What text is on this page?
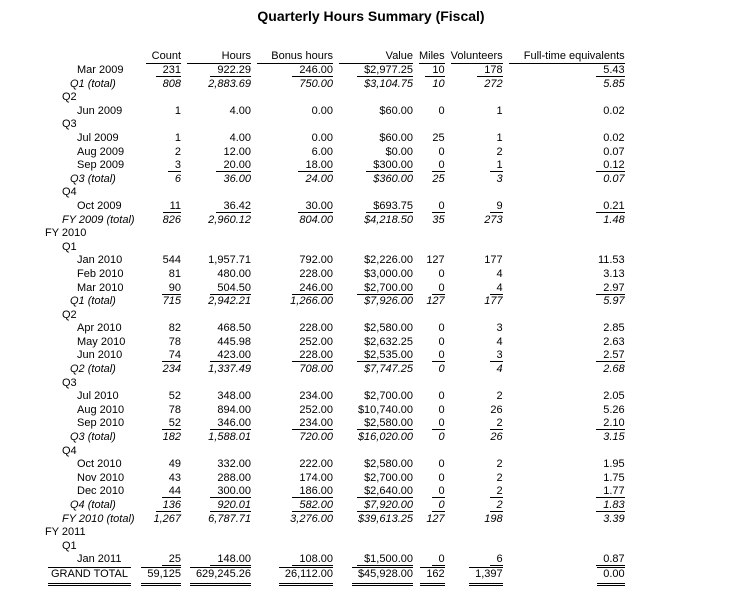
Quarterly Hours Summary (Fiscal)

	Count	Hours	Bonus hours	Value	Miles	Volunteers	Full-time equivalents

Mar 2009	231	922.29	246.00	$2,977.25	10	178	5.43
Q1 (total)	808	2,883.69	750.00	$3,104.75	10	272	5.85
Q2							
Jun 2009	1	4.00	0.00	$60.00	0	1	0.02
Q3							
Jul 2009	1	4.00	0.00	$60.00	25	1	0.02
Aug 2009	2	12.00	6.00	$0.00	0	2	0.07
Sep 2009	3	20.00	18.00	$300.00	0	1	0.12
Q3 (total)	6	36.00	24.00	$360.00	25	3	0.07
Q4							
Oct 2009	11	36.42	30.00	$693.75	0	9	0.21
FY 2009 (total)	826	2,960.12	804.00	$4,218.50	35	273	1.48
FY 2010							
Q1							
Jan 2010	544	1,957.71	792.00	$2,226.00	127	177	11.53
Feb 2010	81	480.00	228.00	$3,000.00	0	4	3.13
Mar 2010	90	504.50	246.00	$2,700.00	0	4	2.97
Q1 (total)	715	2,942.21	1,266.00	$7,926.00	127	177	5.97
Q2							
Apr 2010	82	468.50	228.00	$2,580.00	0	3	2.85
May 2010	78	445.98	252.00	$2,632.25	0	4	2.63
Jun 2010	74	423.00	228.00	$2,535.00	0	3	2.57
Q2 (total)	234	1,337.49	708.00	$7,747.25	0	4	2.68
Q3							
Jul 2010	52	348.00	234.00	$2,700.00	0	2	2.05
Aug 2010	78	894.00	252.00	$10,740.00	0	26	5.26
Sep 2010	52	346.00	234.00	$2,580.00	0	2	2.10
Q3 (total)	182	1,588.01	720.00	$16,020.00	0	26	3.15
Q4							
Oct 2010	49	332.00	222.00	$2,580.00	0	2	1.95
Nov 2010	43	288.00	174.00	$2,700.00	0	2	1.75
Dec 2010	44	300.00	186.00	$2,640.00	0	2	1.77
Q4 (total)	136	920.01	582.00	$7,920.00	0	2	1.83
FY 2010 (total)	1,267	6,787.71	3,276.00	$39,613.25	127	198	3.39
FY 2011							
Q1							
Jan 2011	25	148.00	108.00	$1,500.00	0	6	0.87
GRAND TOTAL	59,125	629,245.26	26,112.00	$45,928.00	162	1,397	0.00
